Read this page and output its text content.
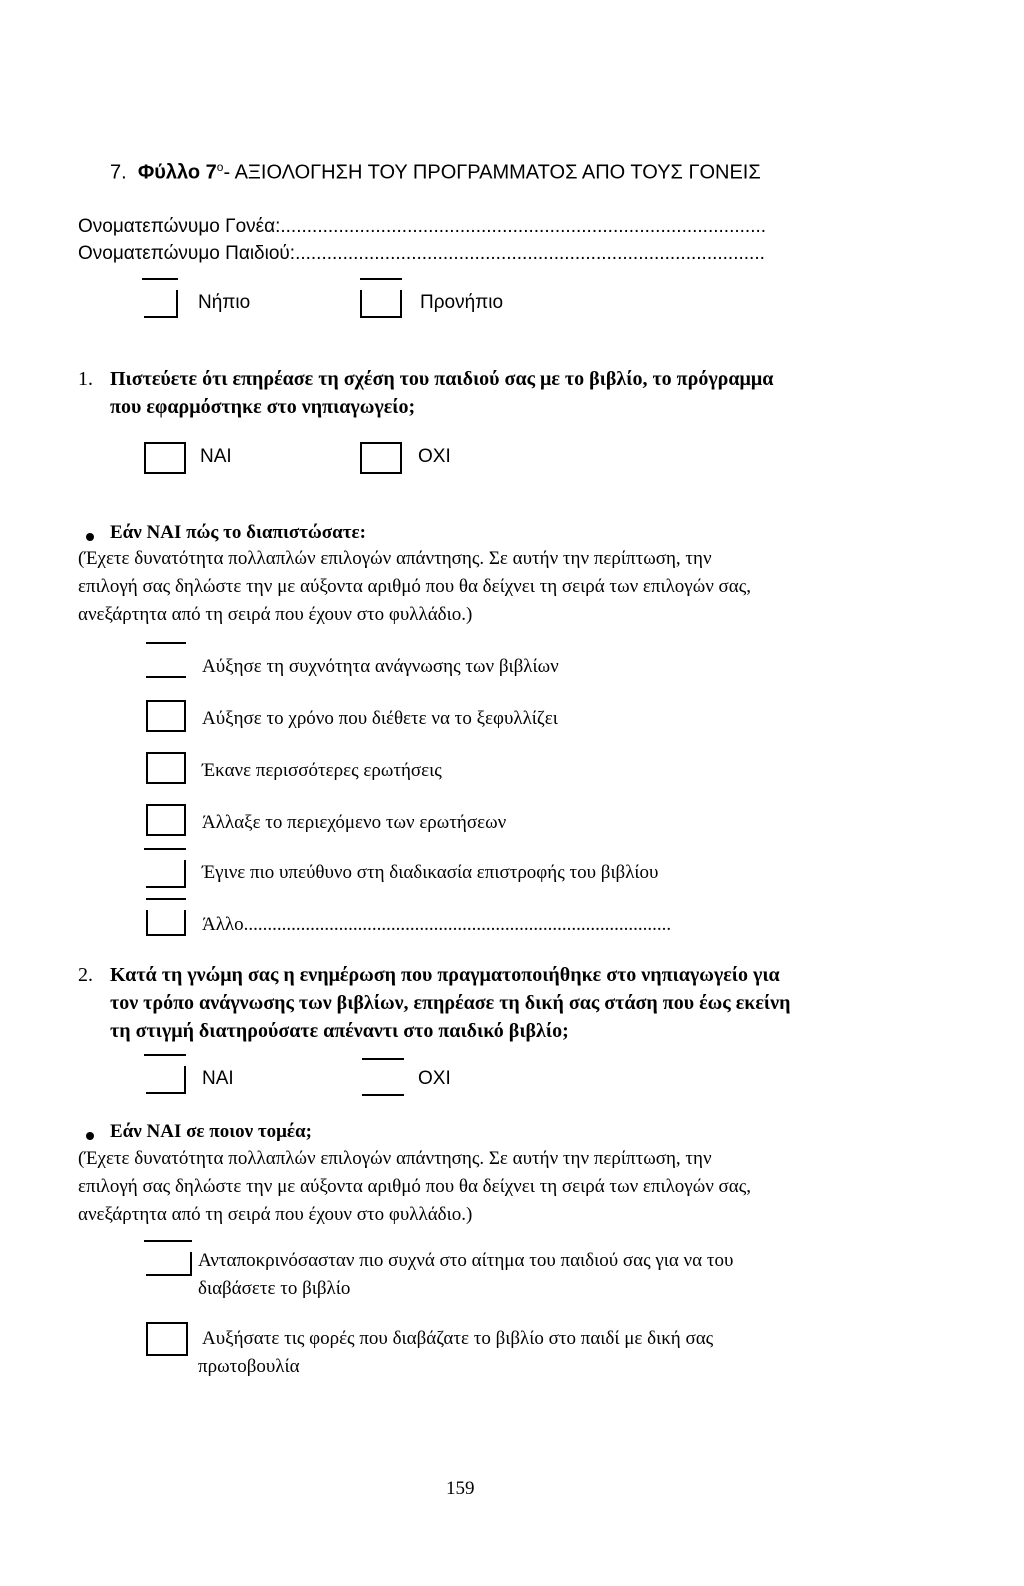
7. Φύλλο $7^o-$ ΑΞΙΟΛΟΓΗΣΗ ΤΟΥ ΠΡΟΓΡΑΜΜΑΤΟΣ ΑΠΟ ΤΟΥΣ ΓΟΝΕΙΣ
Ονοματεπώνυμο Γονέα:............................................................................................
Ονοματεπώνυμο Παιδιού:.........................................................................................
Νήπιο	Προνήπιο
1. Πιστεύετε ότι επηρέασε τη σχέση του παιδιού σας με το βιβλίο, το πρόγραμμα
που εφαρμόστηκε στο νηπιαγωγείο;
ΝΑΙ	ΟΧΙ
Εάν ΝΑΙ πώς το διαπιστώσατε:
(Έχετε δυνατότητα πολλαπλών επιλογών απάντησης. Σε αυτήν την περίπτωση, την
επιλογή σας δηλώστε την με αύξοντα αριθμό που θα δείχνει τη σειρά των επιλογών σας,
ανεξάρτητα από τη σειρά που έχουν στο φυλλάδιο.)
Αύξησε τη συχνότητα ανάγνωσης των βιβλίων
Αύξησε το χρόνο που διέθετε να το ξεφυλλίζει
Έκανε περισσότερες ερωτήσεις
Άλλαξε το περιεχόμενο των ερωτήσεων
Έγινε πιο υπεύθυνο στη διαδικασία επιστροφής του βιβλίου
Άλλο..........................................................................................
2. Κατά τη γνώμη σας η ενημέρωση που πραγματοποιήθηκε στο νηπιαγωγείο για
τον τρόπο ανάγνωσης των βιβλίων, επηρέασε τη δική σας στάση που έως εκείνη
τη στιγμή διατηρούσατε απέναντι στο παιδικό βιβλίο;
ΝΑΙ	ΟΧΙ
Εάν ΝΑΙ σε ποιον τομέα;
(Έχετε δυνατότητα πολλαπλών επιλογών απάντησης. Σε αυτήν την περίπτωση, την
επιλογή σας δηλώστε την με αύξοντα αριθμό που θα δείχνει τη σειρά των επιλογών σας,
ανεξάρτητα από τη σειρά που έχουν στο φυλλάδιο.)
Ανταποκρινόσασταν πιο συχνά στο αίτημα του παιδιού σας για να του
διαβάσετε το βιβλίο
Αυξήσατε τις φορές που διαβάζατε το βιβλίο στο παιδί με δική σας
πρωτοβουλία
159
